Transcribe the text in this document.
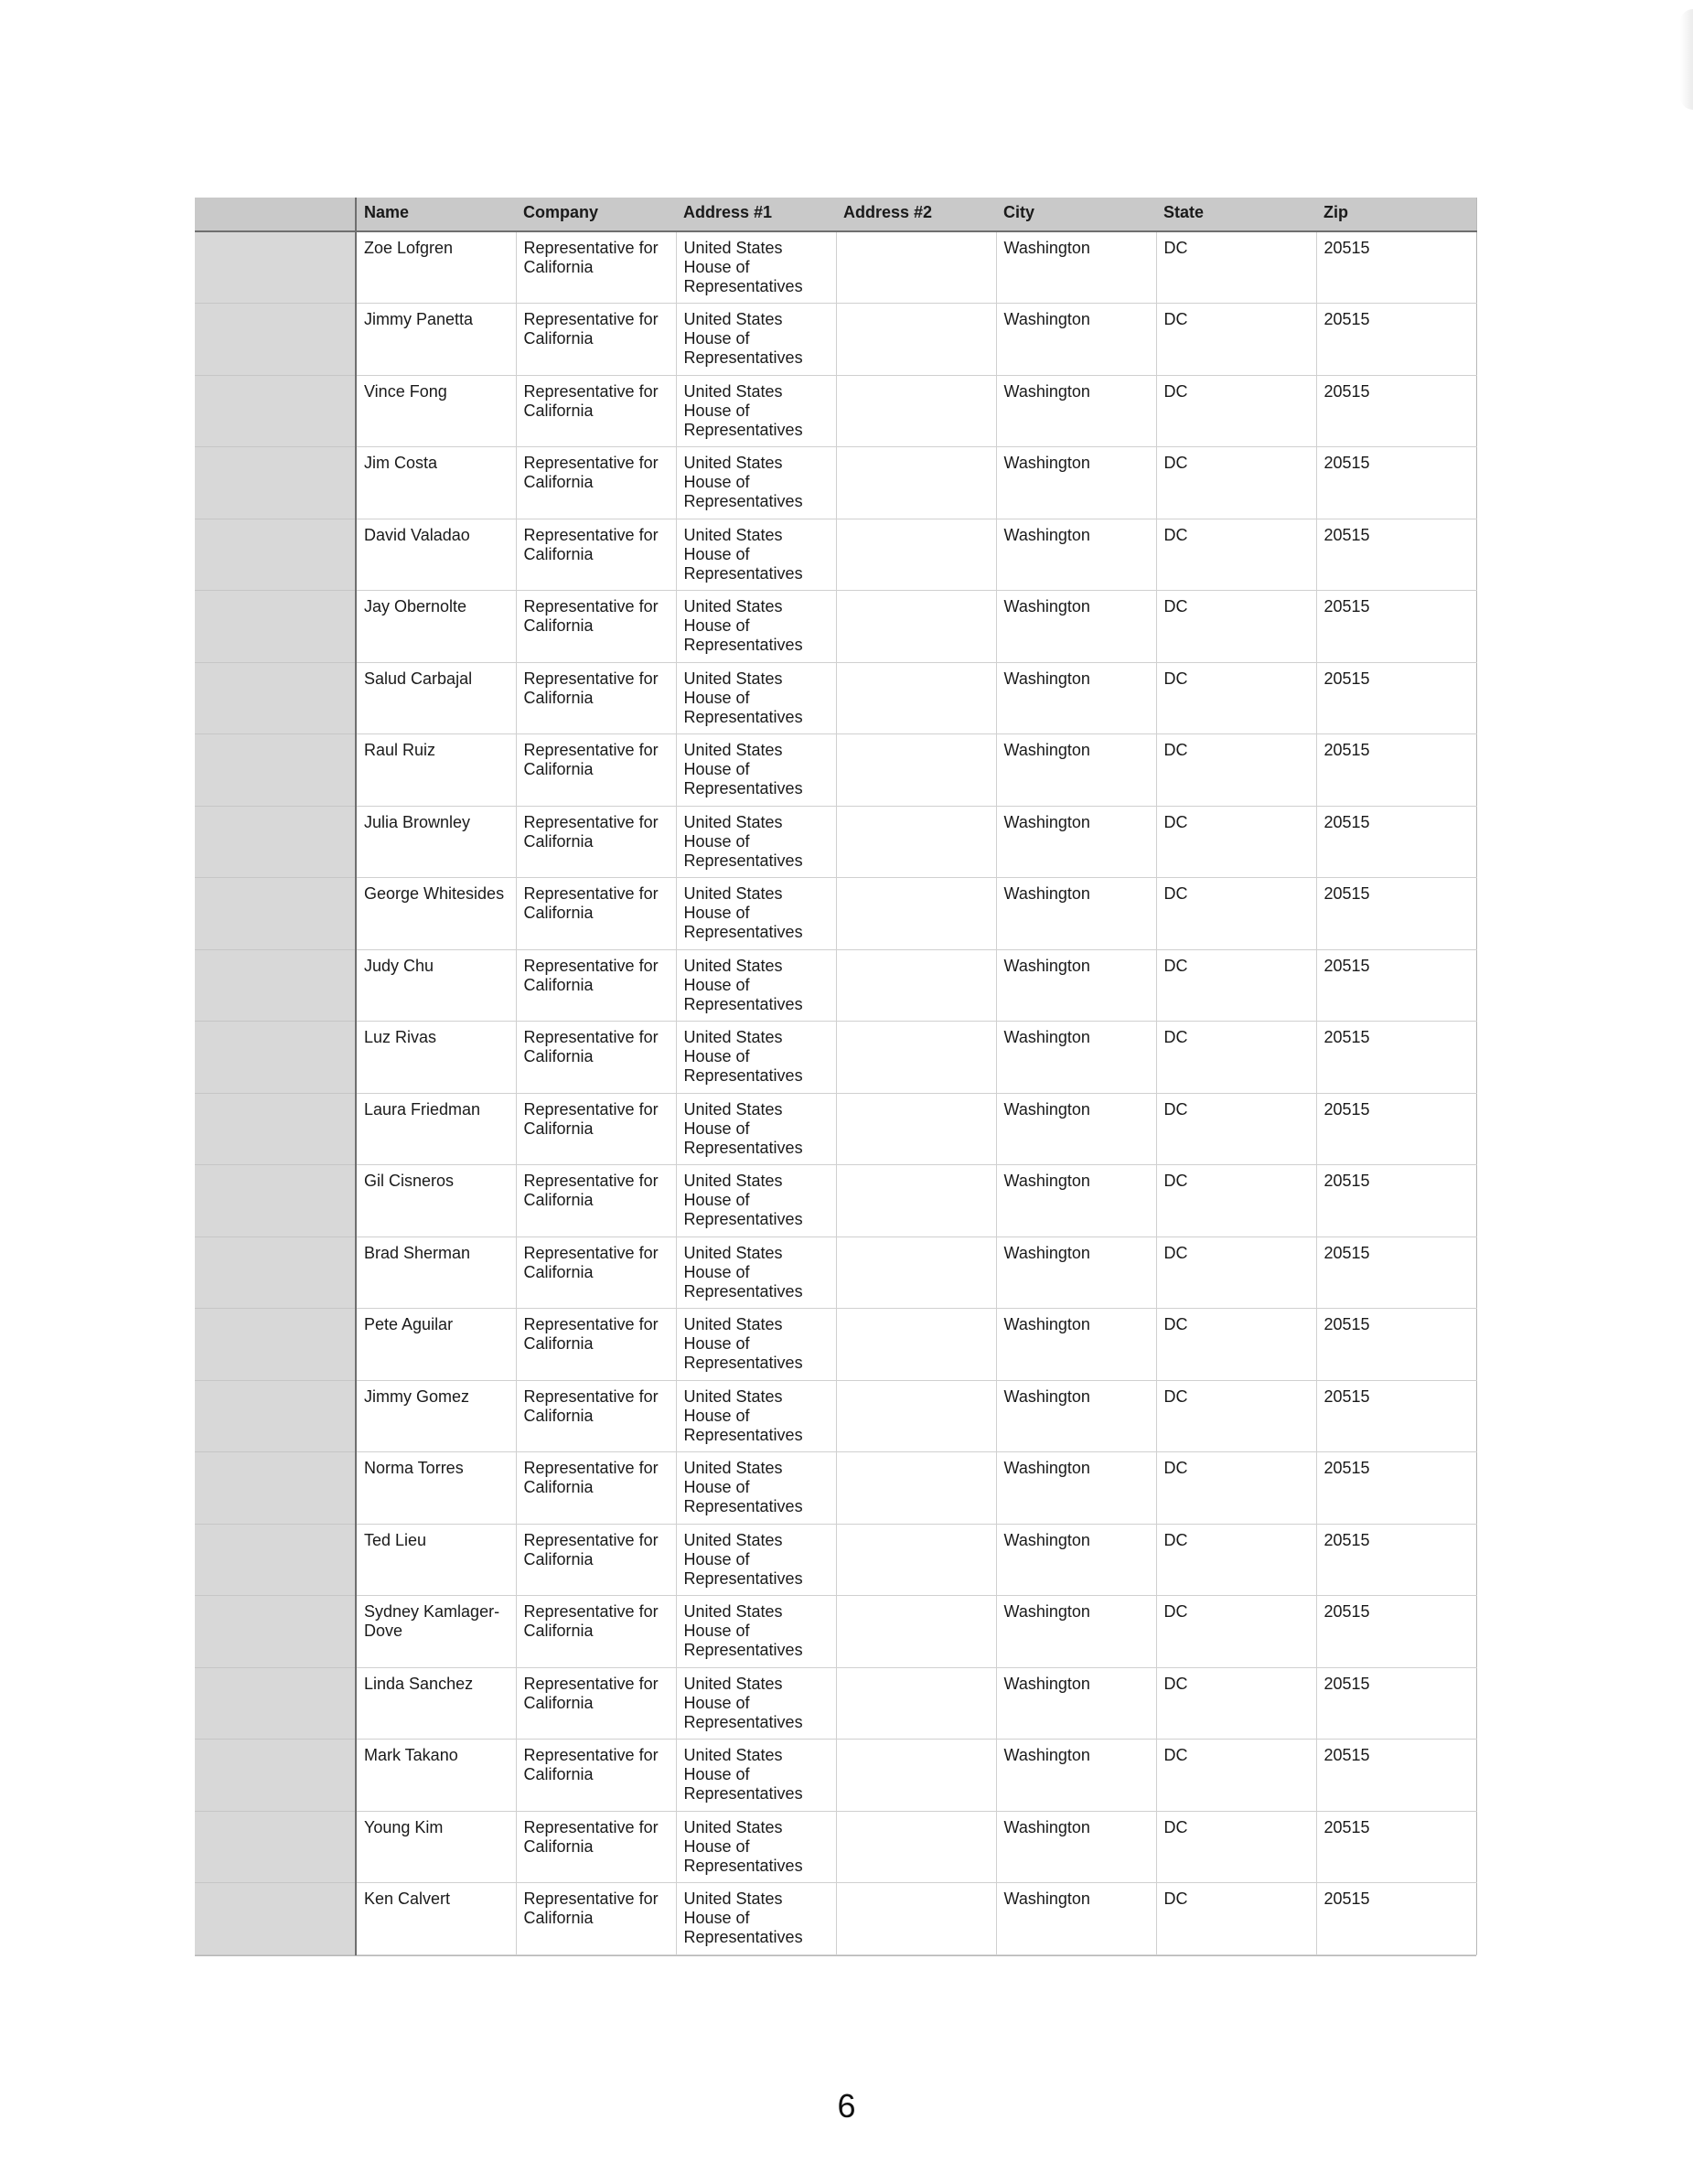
	Name	Company	Address #1	Address #2	City	State	Zip
	Zoe Lofgren	Representative for California	United States House of Representatives		Washington	DC	20515
	Jimmy Panetta	Representative for California	United States House of Representatives		Washington	DC	20515
	Vince Fong	Representative for California	United States House of Representatives		Washington	DC	20515
	Jim Costa	Representative for California	United States House of Representatives		Washington	DC	20515
	David Valadao	Representative for California	United States House of Representatives		Washington	DC	20515
	Jay Obernolte	Representative for California	United States House of Representatives		Washington	DC	20515
	Salud Carbajal	Representative for California	United States House of Representatives		Washington	DC	20515
	Raul Ruiz	Representative for California	United States House of Representatives		Washington	DC	20515
	Julia Brownley	Representative for California	United States House of Representatives		Washington	DC	20515
	George Whitesides	Representative for California	United States House of Representatives		Washington	DC	20515
	Judy Chu	Representative for California	United States House of Representatives		Washington	DC	20515
	Luz Rivas	Representative for California	United States House of Representatives		Washington	DC	20515
	Laura Friedman	Representative for California	United States House of Representatives		Washington	DC	20515
	Gil Cisneros	Representative for California	United States House of Representatives		Washington	DC	20515
	Brad Sherman	Representative for California	United States House of Representatives		Washington	DC	20515
	Pete Aguilar	Representative for California	United States House of Representatives		Washington	DC	20515
	Jimmy Gomez	Representative for California	United States House of Representatives		Washington	DC	20515
	Norma Torres	Representative for California	United States House of Representatives		Washington	DC	20515
	Ted Lieu	Representative for California	United States House of Representatives		Washington	DC	20515
	Sydney Kamlager-Dove	Representative for California	United States House of Representatives		Washington	DC	20515
	Linda Sanchez	Representative for California	United States House of Representatives		Washington	DC	20515
	Mark Takano	Representative for California	United States House of Representatives		Washington	DC	20515
	Young Kim	Representative for California	United States House of Representatives		Washington	DC	20515
	Ken Calvert	Representative for California	United States House of Representatives		Washington	DC	20515
6
